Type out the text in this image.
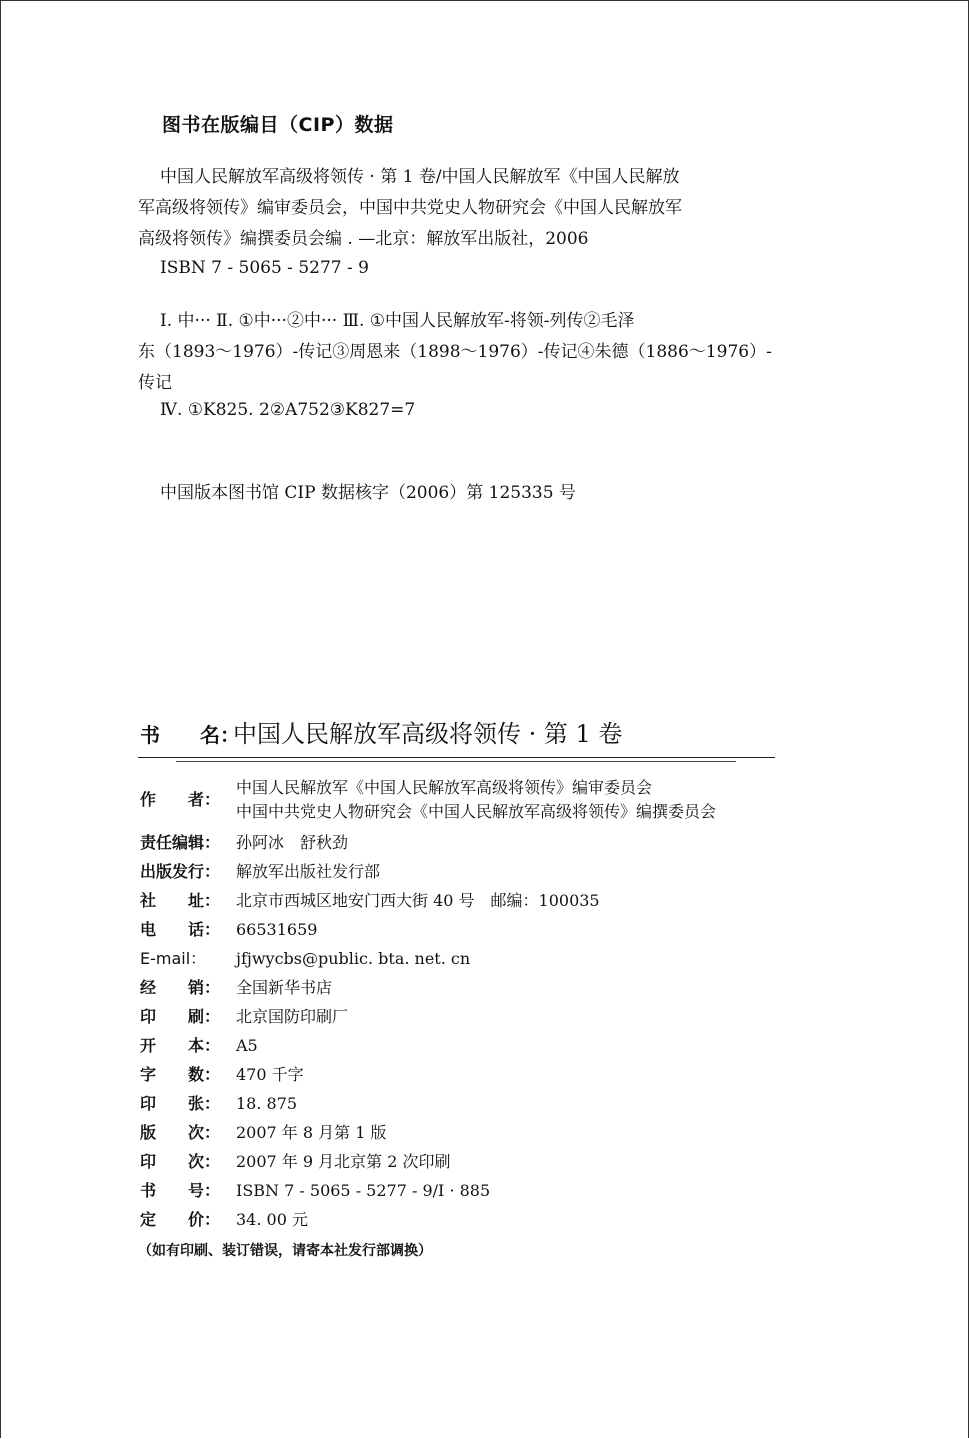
图书在版编目（CIP）数据
中国人民解放军高级将领传 · 第 1 卷/中国人民解放军《中国人民解放
军高级将领传》编审委员会，中国中共党史人物研究会《中国人民解放军
高级将领传》编撰委员会编 . —北京：解放军出版社，2006
ISBN 7 - 5065 - 5277 - 9
Ⅰ. 中··· Ⅱ. ①中···②中··· Ⅲ. ①中国人民解放军-将领-列传②毛泽
东（1893～1976）-传记③周恩来（1898～1976）-传记④朱德（1886～1976）-
传记
Ⅳ. ①K825. 2②A752③K827=7
中国版本图书馆 CIP 数据核字（2006）第 125335 号
书　　名：中国人民解放军高级将领传 · 第 1 卷
作　　者：
中国人民解放军《中国人民解放军高级将领传》编审委员会
中国中共党史人物研究会《中国人民解放军高级将领传》编撰委员会
责任编辑： 孙阿冰　舒秋劲
出版发行： 解放军出版社发行部
社　　址： 北京市西城区地安门西大街 40 号　邮编：100035
电　　话： 66531659
E-mail：	jfjwycbs@public. bta. net. cn
经　　销： 全国新华书店
印　　刷： 北京国防印刷厂
开　　本： A5
字　　数： 470 千字
印　　张： 18. 875
版　　次： 2007 年 8 月第 1 版
印　　次： 2007 年 9 月北京第 2 次印刷
书　　号： ISBN 7 - 5065 - 5277 - 9/I · 885
定　　价： 34. 00 元
（如有印刷、装订错误，请寄本社发行部调换）
